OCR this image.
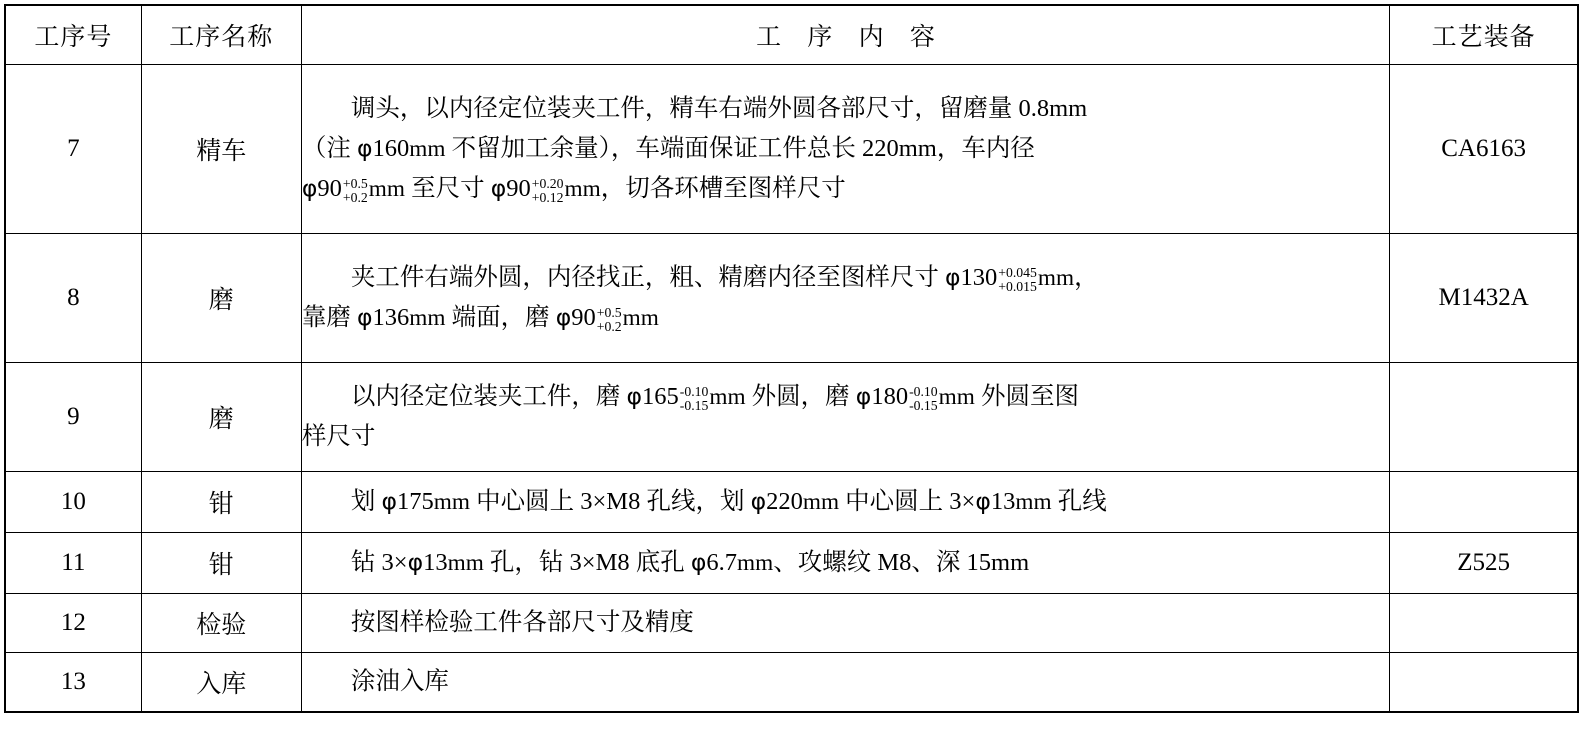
工序号	工序名称	工 序 内 容	工艺装备
7	精车	调头，以内径定位装夹工件，精车右端外圆各部尺寸，留磨量 0.8mm
（注 φ160mm 不留加工余量），车端面保证工件总长 220mm，车内径
φ90 +0.5
+0.2 mm 至尺寸 φ90 +0.20
+0.12 mm，切各环槽至图样尺寸	CA6163
8	磨	夹工件右端外圆，内径找正，粗、精磨内径至图样尺寸 φ130 +0.045
+0.015 mm，
靠磨 φ136mm 端面，磨 φ90 +0.5
+0.2 mm	M1432A
9	磨	以内径定位装夹工件，磨 φ165 -0.10
-0.15 mm 外圆，磨 φ180 -0.10
-0.15 mm 外圆至图
样尺寸	
10	钳	划 φ175mm 中心圆上 3×M8 孔线，划 φ220mm 中心圆上 3×φ13mm 孔线	
11	钳	钻 3×φ13mm 孔，钻 3×M8 底孔 φ6.7mm、攻螺纹 M8、深 15mm	Z525
12	检验	按图样检验工件各部尺寸及精度	
13	入库	涂油入库	
